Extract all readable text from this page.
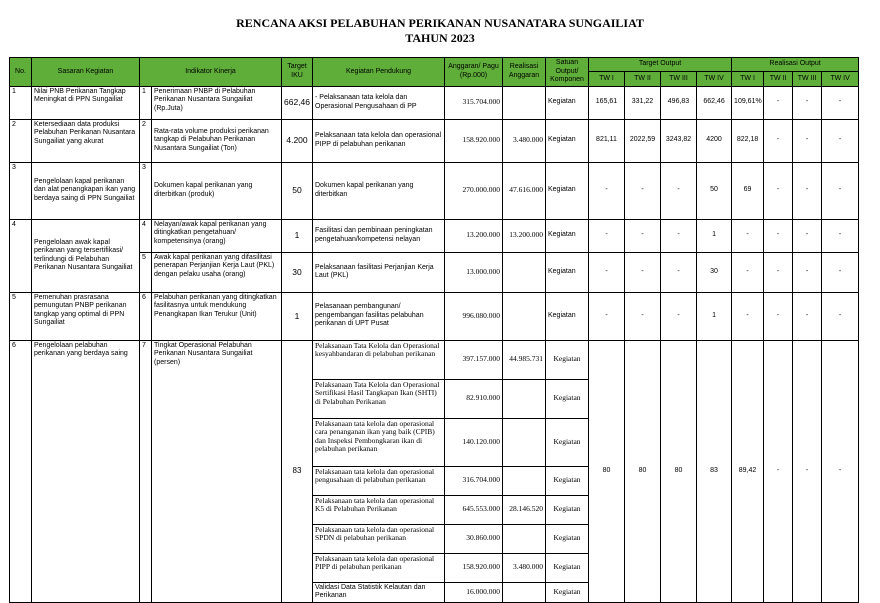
RENCANA AKSI PELABUHAN PERIKANAN NUSANATARA SUNGAILIAT
TAHUN 2023
No.	Sasaran Kegiatan	Indikator Kinerja		Target IKU	Kegiatan Pendukung	Anggaran/ Pagu (Rp.000)	Realisasi Anggaran	Satuan Output/ Komponen	Target Output				Realisasi Output			
									TW I	TW II	TW III	TW IV	TW I	TW II	TW III	TW IV
1	Nilai PNB Perikanan Tangkap Meningkat di PPN Sungailiat	1	Penerimaan PNBP di Pelabuhan Perikanan Nusantara Sungailiat (Rp.Juta)	662,46	- Pelaksanaan tata kelola dan Operasional Pengusahaan di PP	315.704.000		Kegiatan	165,61	331,22	496,83	662,46	109,61%	-	-	-
2	Ketersediaan data produksi Pelabuhan Perikanan Nusantara Sungailiat yang akurat	2	Rata-rata volume produksi perikanan tangkap di Pelabuhan Perikanan Nusantara Sungailiat (Ton)	4.200	Pelaksanaan tata kelola dan operasional PIPP di pelabuhan perikanan	158.920.000	3.480.000	Kegiatan	821,11	2022,59	3243,82	4200	822,18	-	-	-
3	Pengelolaan kapal perikanan dan alat penangkapan ikan yang berdaya saing di PPN Sungailiat	3	Dokumen kapal perikanan yang diterbitkan (produk)	50	Dokumen kapal perikanan yang diterbitkan	270.000.000	47.616.000	Kegiatan	-	-	-	50	69	-	-	-
4	Pengelolaan awak kapal perikanan yang tersertifikasi/ terlindungi di Pelabuhan Perikanan Nusantara Sungailiat	4	Nelayan/awak kapal perikanan yang ditingkatkan pengetahuan/ kompetensinya (orang)	1	Fasilitasi dan pembinaan peningkatan pengetahuan/kompetensi nelayan	13.200.000	13.200.000	Kegiatan	-	-	-	1	-	-	-	-
		5	Awak kapal perikanan yang difasilitasi penerapan Perjanjian Kerja Laut (PKL) dengan pelaku usaha (orang)	30	Pelaksanaan fasilitasi Perjanjian Kerja Laut (PKL)	13.000.000		Kegiatan	-	-	-	30	-	-	-	-
5	Pemenuhan prasrasana pemungutan PNBP perikanan tangkap yang optimal di PPN Sungailiat	6	Pelabuhan perikanan yang ditingkatkan fasilitasnya untuk mendukung Penangkapan Ikan Terukur (Unit)	1	Pelasanaan pembangunan/ pengembangan fasilitas pelabuhan perikanan di UPT Pusat	996.080.000		Kegiatan	-	-	-	1	-	-	-	-
6	Pengelolaan pelabuhan perikanan yang berdaya saing	7	Tingkat Operasional Pelabuhan Perikanan Nusantara Sungailiat (persen)	83	Pelaksanaan Tata Kelola dan Operasional kesyahbandaran di pelabuhan perikanan	397.157.000	44.985.731	Kegiatan	80	80	80	83	89,42	-	-	-
					Pelaksanaan Tata Kelola dan Operasional Sertifikasi Hasil Tangkapan Ikan (SHTI) di Pelabuhan Perikanan	82.910.000		Kegiatan								
					Pelaksanaan tata kelola dan operasional cara penanganan ikan yang baik (CPIB) dan Inspeksi Pembongkaran ikan di pelabuhan perikanan	140.120.000		Kegiatan								
					Pelaksanaan tata kelola dan operasional pengusahaan di pelabuhan perikanan	316.704.000		Kegiatan								
					Pelaksanaan tata kelola dan operasional K5 di Pelabuhan Perikanan	645.553.000	28.146.520	Kegiatan								
					Pelaksanaan tata kelola dan operasional SPDN di pelabuhan perikanan	30.860.000		Kegiatan								
					Pelaksanaan tata kelola dan operasional PIPP di pelabuhan perikanan	158.920.000	3.480.000	Kegiatan								
					Validasi Data Statistik Kelautan dan Perikanan	16.000.000		Kegiatan								
